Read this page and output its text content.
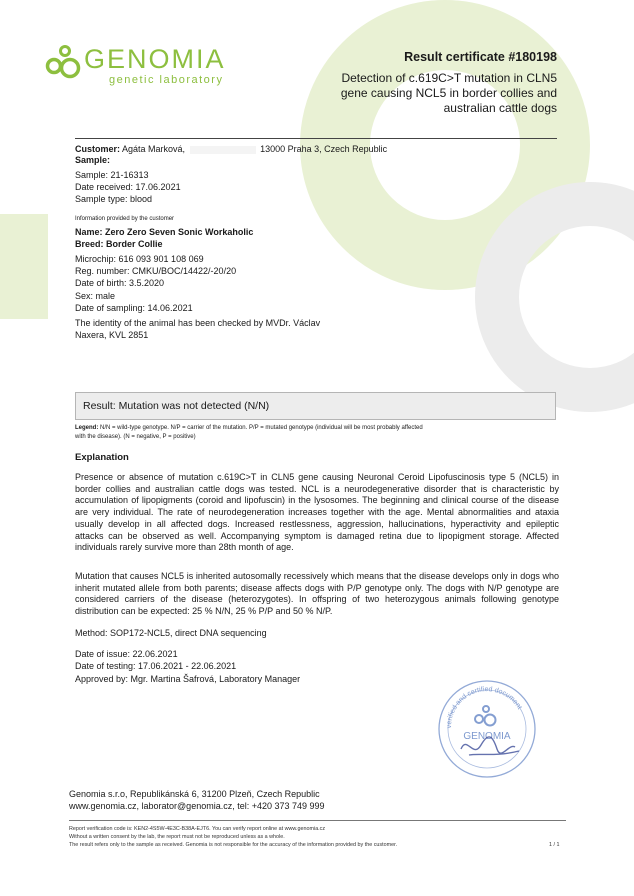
GENOMIA
genetic laboratory
Result certificate #180198
Detection of c.619C>T mutation in CLN5
gene causing NCL5 in border collies and
australian cattle dogs
Customer: Agáta Marková,	13000 Praha 3, Czech Republic
Sample:
Sample: 21-16313
Date received: 17.06.2021
Sample type: blood
Information provided by the customer
Name: Zero Zero Seven Sonic Workaholic
Breed: Border Collie
Microchip: 616 093 901 108 069
Reg. number: CMKU/BOC/14422/-20/20
Date of birth: 3.5.2020
Sex: male
Date of sampling: 14.06.2021
The identity of the animal has been checked by MVDr. Václav
Naxera, KVL 2851
Result: Mutation was not detected (N/N)
Legend: N/N = wild-type genotype. N/P = carrier of the mutation. P/P = mutated genotype (individual will be most probably affected
with the disease). (N = negative, P = positive)
Explanation
Presence or absence of mutation c.619C>T in CLN5 gene causing Neuronal Ceroid Lipofuscinosis type 5 (NCL5) in border collies and australian cattle dogs was tested. NCL is a neurodegenerative disorder that is characteristic by accumulation of lipopigments (coroid and lipofuscin) in the lysosomes. The beginning and clinical course of the disease are very individual. The rate of neurodegeneration increases together with the age. Mental abnormalities and ataxia usually develop in all affected dogs. Increased restlessness, aggression, hallucinations, hyperactivity and epileptic attacks can be observed as well. Accompanying symptom is damaged retina due to lipopigment storage. Affected individuals rarely survive more than 28th month of age.
Mutation that causes NCL5 is inherited autosomally recessively which means that the disease develops only in dogs who inherit mutated allele from both parents; disease affects dogs with P/P genotype only. The dogs with N/P genotype are considered carriers of the disease (heterozygotes). In offspring of two heterozygous animals following genotype distribution can be expected: 25 % N/N, 25 % P/P and 50 % N/P.
Method: SOP172-NCL5, direct DNA sequencing
Date of issue: 22.06.2021
Date of testing: 17.06.2021 - 22.06.2021
Approved by: Mgr. Martina Šafrová, Laboratory Manager
verified and certified document
GENOMIA
Genomia s.r.o, Republikánská 6, 31200 Plzeň, Czech Republic
www.genomia.cz, laborator@genomia.cz, tel: +420 373 749 999
Report verification code is: KEN2-4S5W-4E3C-B38A-EJT6. You can verify report online at www.genomia.cz
Without a written consent by the lab, the report must not be reproduced unless as a whole.
The result refers only to the sample as received. Genomia is not responsible for the accuracy of the information provided by the customer.	1 / 1
